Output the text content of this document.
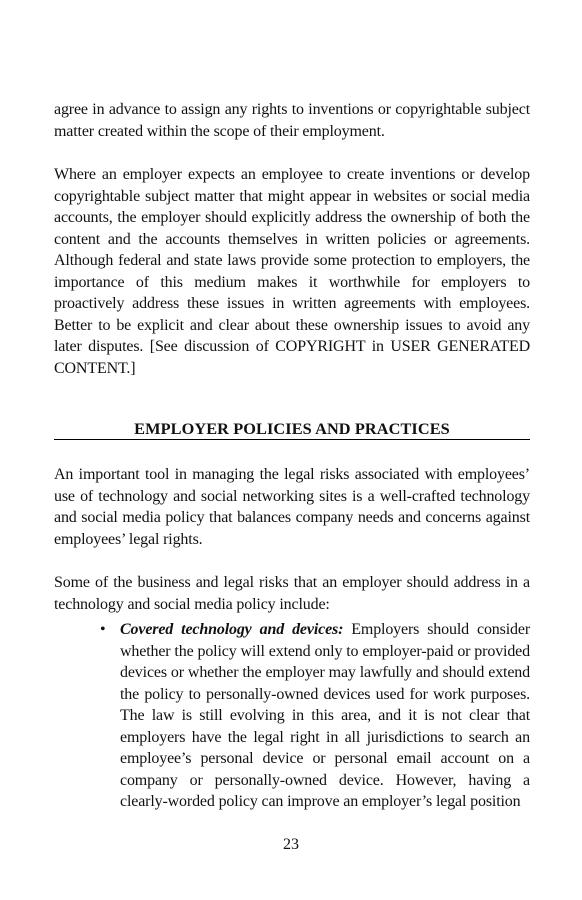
agree in advance to assign any rights to inventions or copyrightable subject matter created within the scope of their employment.

Where an employer expects an employee to create inventions or develop copyrightable subject matter that might appear in websites or social media accounts, the employer should explicitly address the ownership of both the content and the accounts themselves in written policies or agreements. Although federal and state laws provide some protection to employers, the importance of this medium makes it worthwhile for employers to proactively address these issues in written agreements with employees. Better to be explicit and clear about these ownership issues to avoid any later disputes. [See discussion of COPYRIGHT in USER GENERATED CONTENT.]

EMPLOYER POLICIES AND PRACTICES

An important tool in managing the legal risks associated with employees’ use of technology and social networking sites is a well-crafted technology and social media policy that balances company needs and concerns against employees’ legal rights.

Some of the business and legal risks that an employer should address in a technology and social media policy include:

• Covered technology and devices: Employers should consider whether the policy will extend only to employer-paid or provided devices or whether the employer may lawfully and should extend the policy to personally-owned devices used for work purposes. The law is still evolving in this area, and it is not clear that employers have the legal right in all jurisdictions to search an employee’s personal device or personal email account on a company or personally-owned device. However, having a clearly-worded policy can improve an employer’s legal position

23
